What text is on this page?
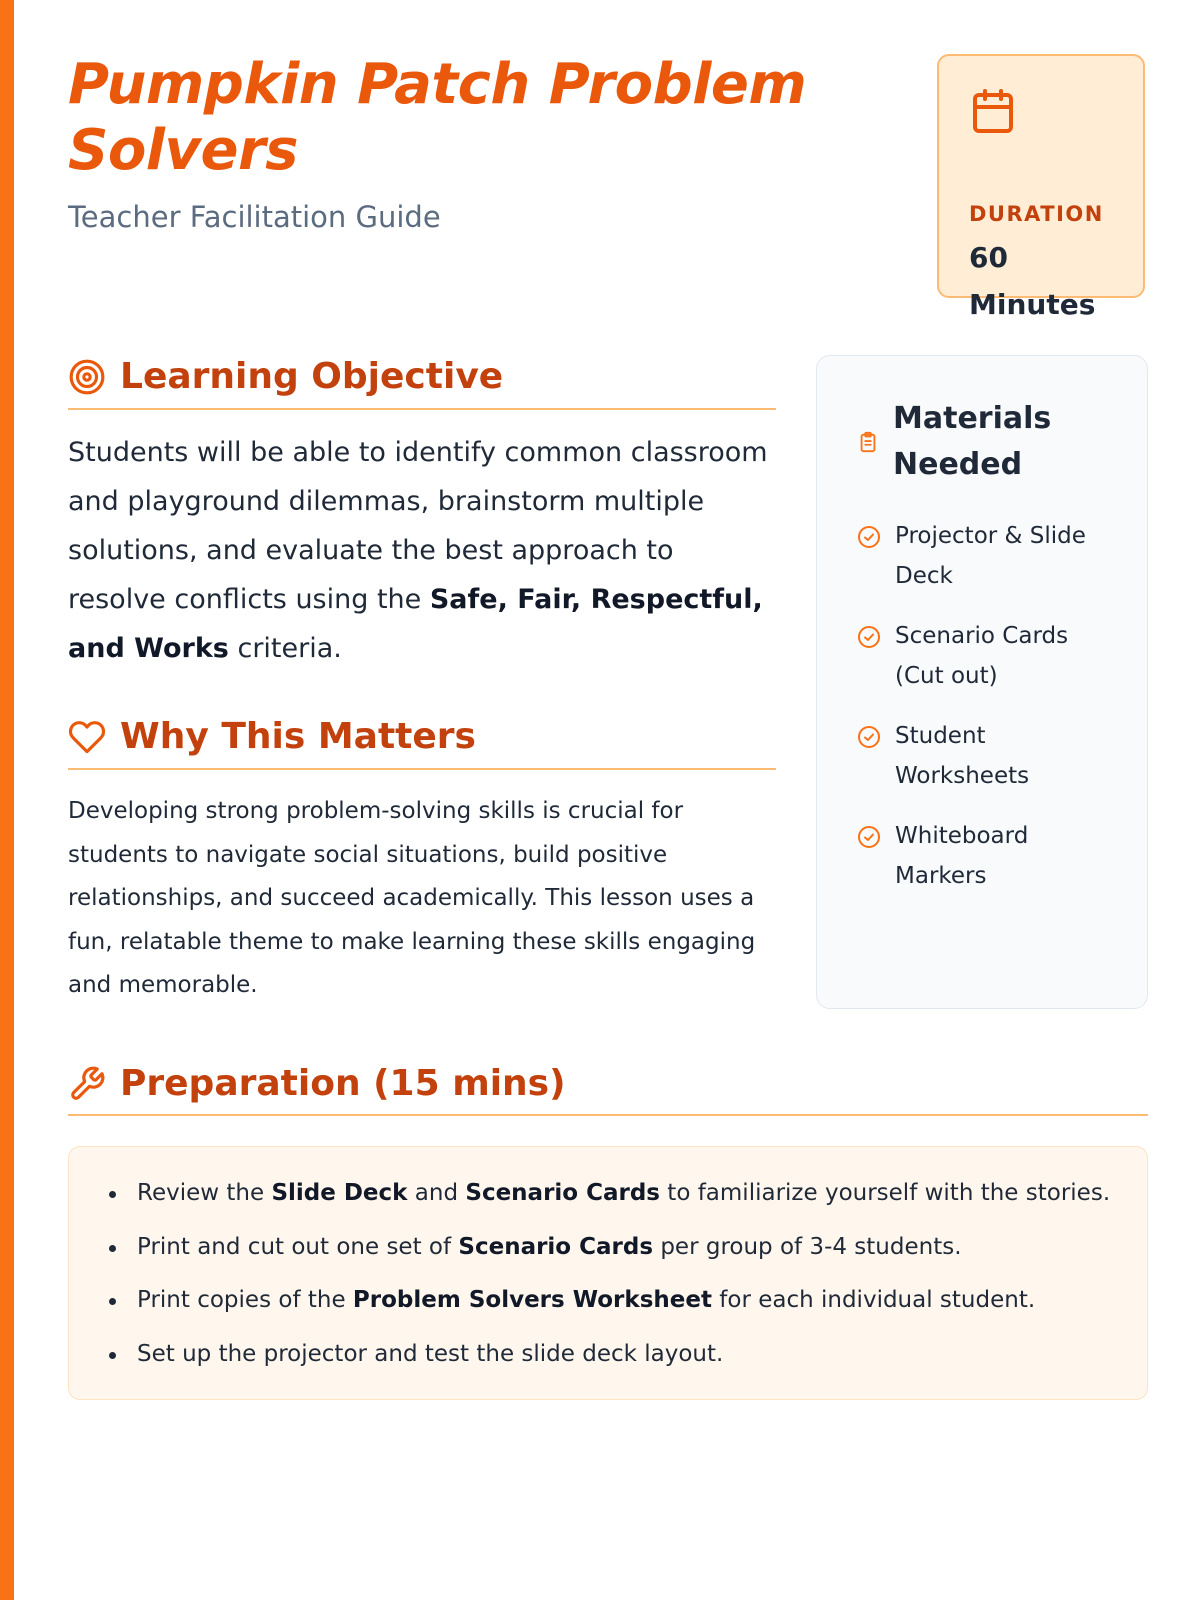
Pumpkin Patch Problem Solvers

Teacher Facilitation Guide	DURATION
60 Minutes
Learning Objective

Students will be able to identify common classroom and playground dilemmas, brainstorm multiple solutions, and evaluate the best approach to resolve conflicts using the Safe, Fair, Respectful, and Works criteria.

Why This Matters

Developing strong problem-solving skills is crucial for students to navigate social situations, build positive relationships, and succeed academically. This lesson uses a fun, relatable theme to make learning these skills engaging and memorable.

Materials Needed
Projector & Slide Deck
Scenario Cards (Cut out)
Student Worksheets
Whiteboard Markers
Preparation (15 mins)
Review the Slide Deck and Scenario Cards to familiarize yourself with the stories.
Print and cut out one set of Scenario Cards per group of 3-4 students.
Print copies of the Problem Solvers Worksheet for each individual student.
Set up the projector and test the slide deck layout.
